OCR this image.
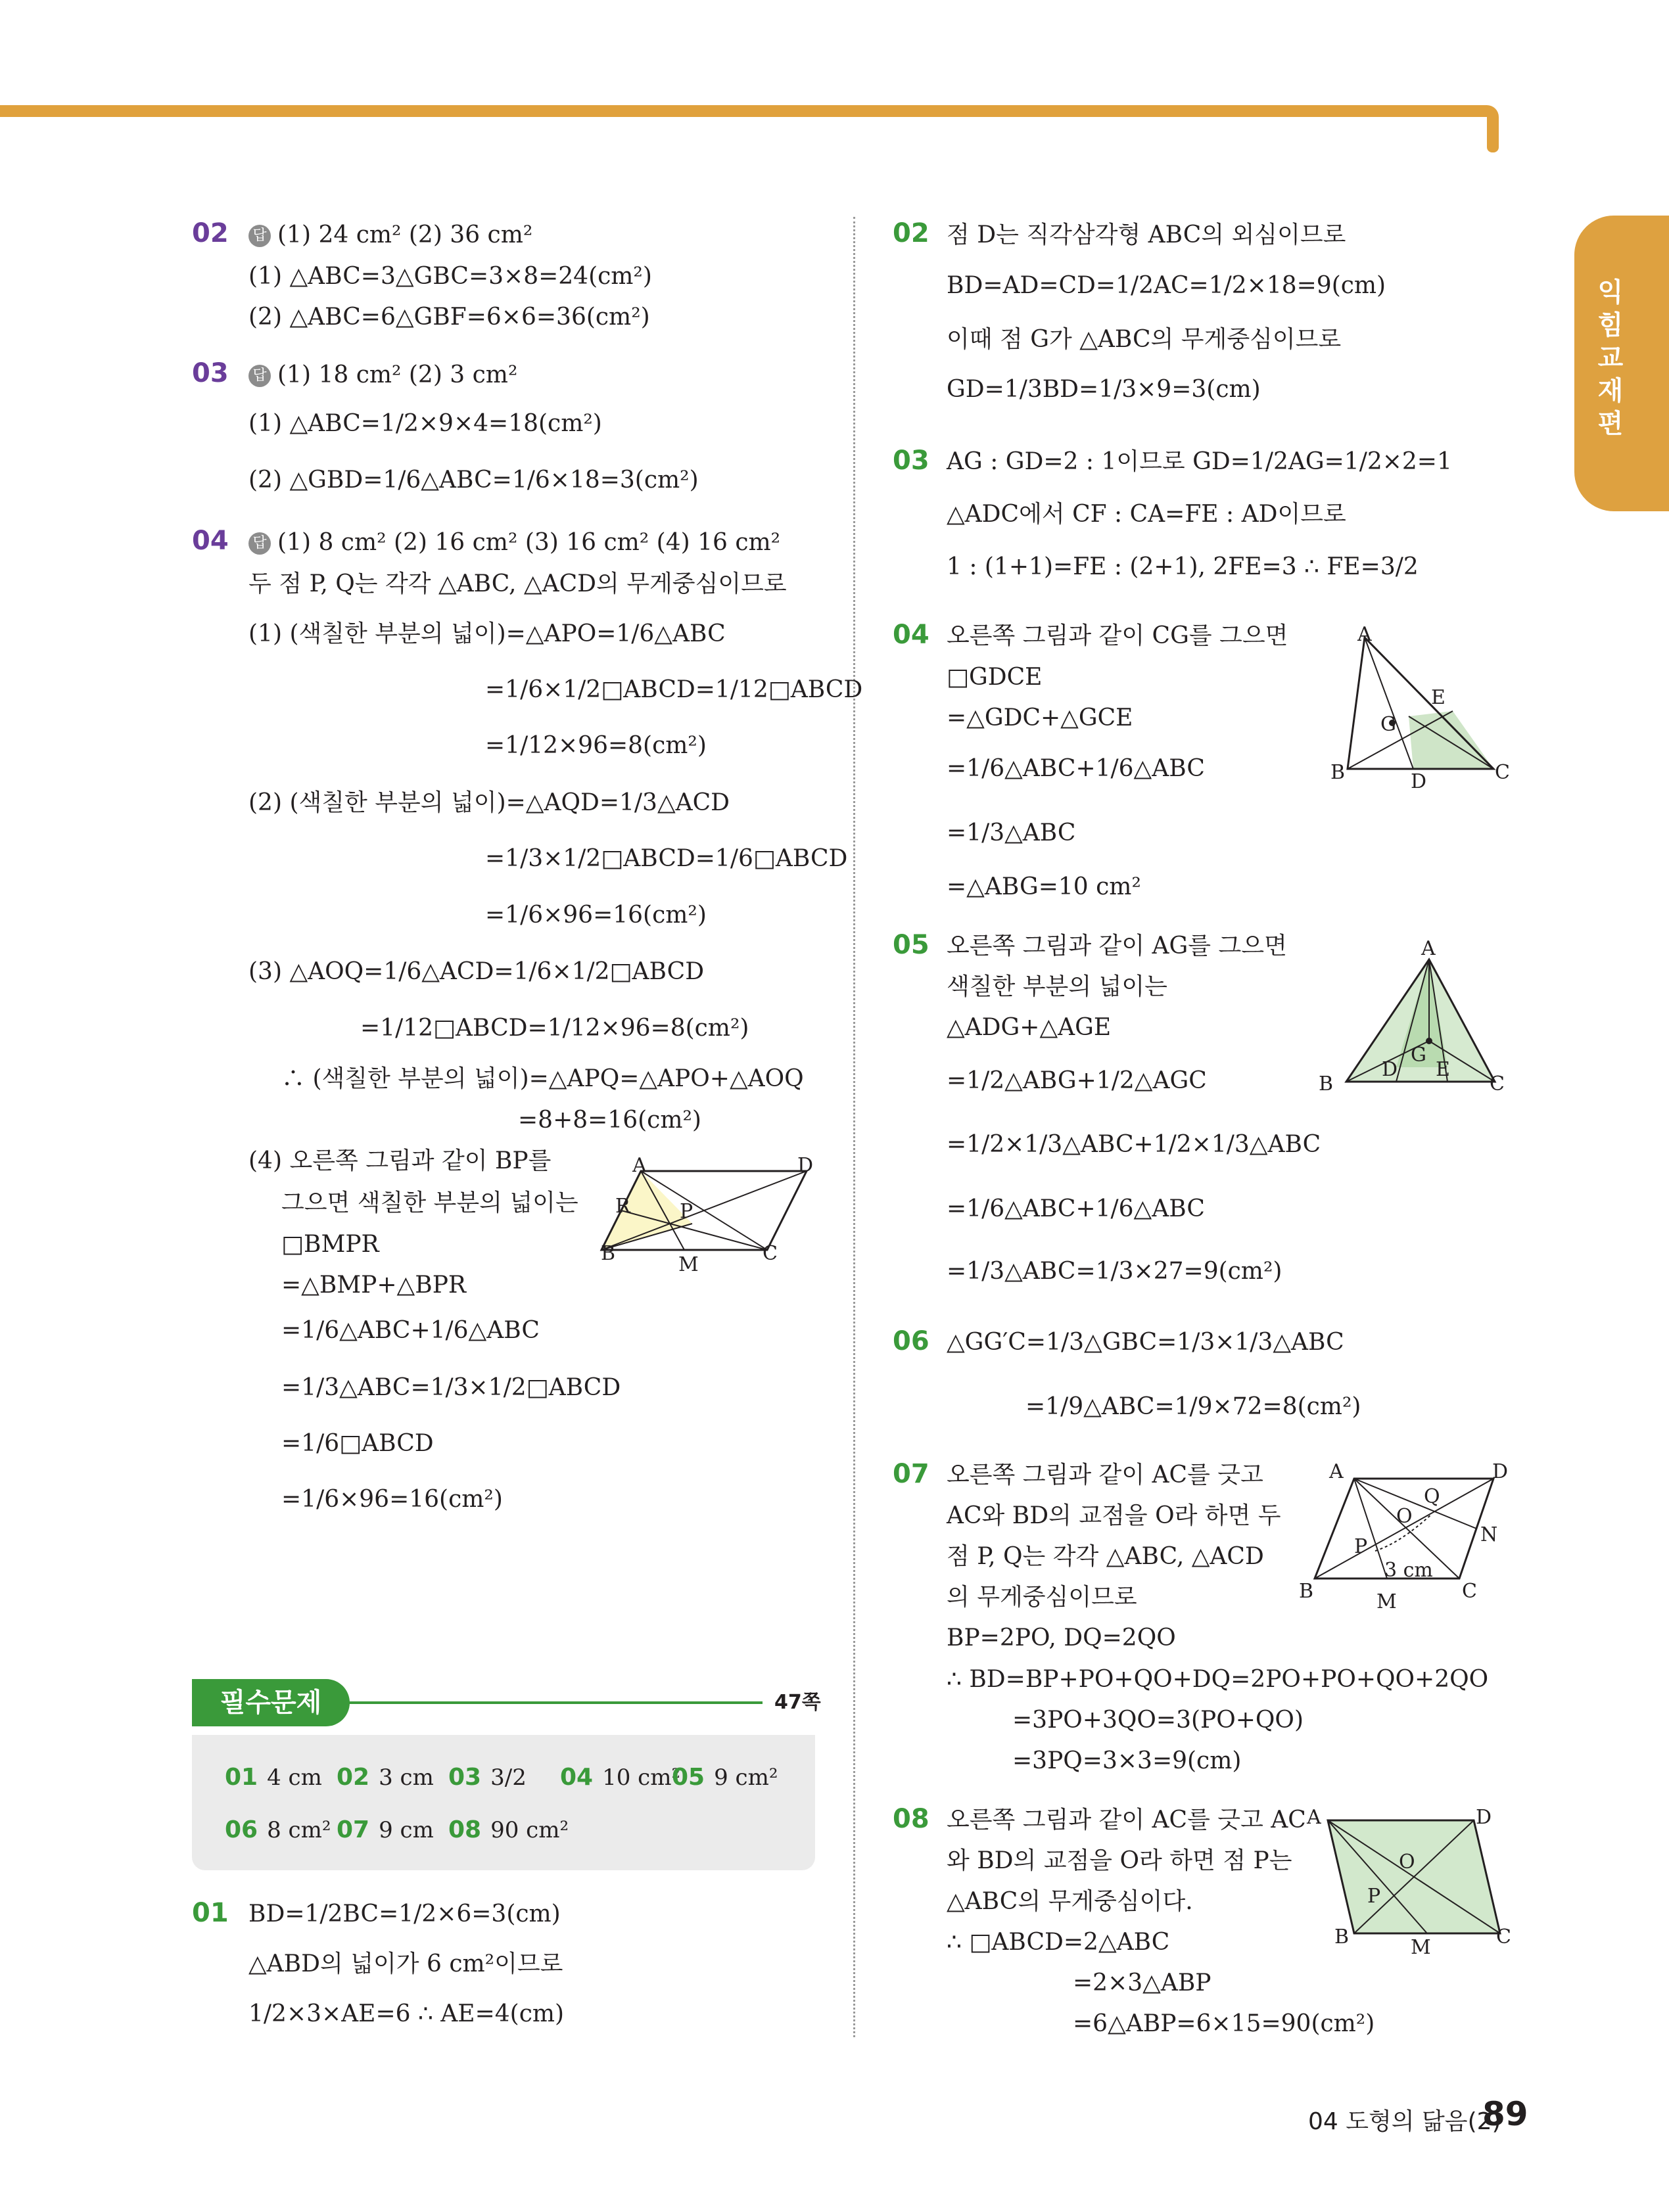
익힘교재편
02 답 (1) 24 cm² (2) 36 cm²
(1) △ABC=3△GBC=3×8=24(cm²)
(2) △ABC=6△GBF=6×6=36(cm²)
03 답 (1) 18 cm² (2) 3 cm²
(1) △ABC=1/2×9×4=18(cm²)
(2) △GBD=1/6△ABC=1/6×18=3(cm²)
04 답 (1) 8 cm² (2) 16 cm² (3) 16 cm² (4) 16 cm²
두 점 P, Q는 각각 △ABC, △ACD의 무게중심이므로
(1) (색칠한 부분의 넓이)=△APO=1/6△ABC
=1/6×1/2□ABCD=1/12□ABCD
=1/12×96=8(cm²)
(2) (색칠한 부분의 넓이)=△AQD=1/3△ACD
=1/3×1/2□ABCD=1/6□ABCD
=1/6×96=16(cm²)
(3) △AOQ=1/6△ACD=1/6×1/2□ABCD
=1/12□ABCD=1/12×96=8(cm²)
∴ (색칠한 부분의 넓이)=△APQ=△APO+△AOQ
=8+8=16(cm²)
(4) 오른쪽 그림과 같이 BP를
그으면 색칠한 부분의 넓이는
□BMPR
=△BMP+△BPR
=1/6△ABC+1/6△ABC
=1/3△ABC=1/3×1/2□ABCD
=1/6□ABCD
=1/6×96=16(cm²)
A	D
R	P
B	M	C
필수문제	47쪽
01 4 cm 02 3 cm 03 3/2 04 10 cm²
05 9 cm²
06 8 cm² 07 9 cm 08 90 cm²
01 BD=1/2BC=1/2×6=3(cm)
△ABD의 넓이가 6 cm²이므로
1/2×3×AE=6 ∴ AE=4(cm)
02 점 D는 직각삼각형 ABC의 외심이므로
BD=AD=CD=1/2AC=1/2×18=9(cm)
이때 점 G가 △ABC의 무게중심이므로
GD=1/3BD=1/3×9=3(cm)
03 AG : GD=2 : 1이므로 GD=1/2AG=1/2×2=1
△ADC에서 CF : CA=FE : AD이므로
1 : (1+1)=FE : (2+1), 2FE=3 ∴ FE=3/2
04 오른쪽 그림과 같이 CG를 그으면
□GDCE
=△GDC+△GCE
=1/6△ABC+1/6△ABC
=1/3△ABC
=△ABG=10 cm²
A
E
G
B	D	C
05 오른쪽 그림과 같이 AG를 그으면
색칠한 부분의 넓이는
△ADG+△AGE
=1/2△ABG+1/2△AGC
=1/2×1/3△ABC+1/2×1/3△ABC
=1/6△ABC+1/6△ABC
=1/3△ABC=1/3×27=9(cm²)
A
G
D E
B	C
06 △GG′C=1/3△GBC=1/3×1/3△ABC
=1/9△ABC=1/9×72=8(cm²)
07 오른쪽 그림과 같이 AC를 긋고
AC와 BD의 교점을 O라 하면 두
점 P, Q는 각각 △ABC, △ACD
의 무게중심이므로
BP=2PO, DQ=2QO
∴ BD=BP+PO+QO+DQ=2PO+PO+QO+2QO
=3PO+3QO=3(PO+QO)
=3PQ=3×3=9(cm)
A	D
Q
O
N
P
3 cm
B	M	C
08 오른쪽 그림과 같이 AC를 긋고 AC
와 BD의 교점을 O라 하면 점 P는
△ABC의 무게중심이다.
∴ □ABCD=2△ABC
=2×3△ABP
=6△ABP=6×15=90(cm²)
A	D
O
P
B	M	C
04 도형의 닮음(2)
89
